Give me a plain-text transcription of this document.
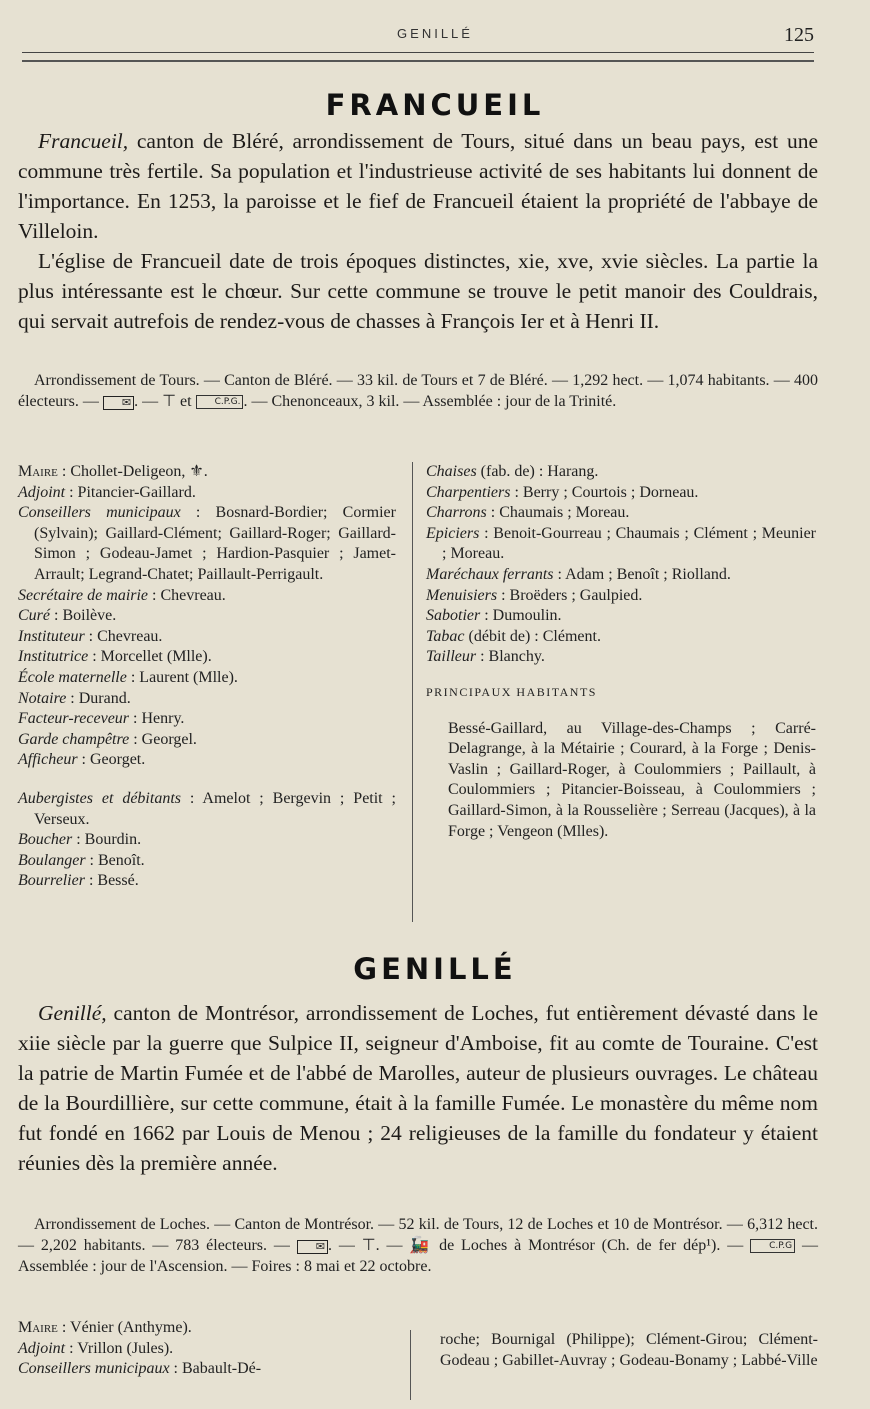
GENILLÉ	125
FRANCUEIL

Francueil, canton de Bléré, arrondissement de Tours, situé dans un beau pays, est une commune très fertile. Sa population et l'industrieuse activité de ses habitants lui donnent de l'importance. En 1253, la paroisse et le fief de Francueil étaient la propriété de l'abbaye de Villeloin.

L'église de Francueil date de trois époques distinctes, xie, xve, xvie siècles. La partie la plus intéressante est le chœur. Sur cette commune se trouve le petit manoir des Couldrais, qui servait autrefois de rendez-vous de chasses à François Ier et à Henri II.

Arrondissement de Tours. — Canton de Bléré. — 33 kil. de Tours et 7 de Bléré. — 1,292 hect. — 1,074 habitants. — 400 électeurs. — ✉ . — ⊤ et	C.P.G. . — Chenonceaux, 3 kil. — Assemblée : jour de la Trinité.

Maire : Chollet-Deligeon, ⚜.

Adjoint : Pitancier-Gaillard.

Conseillers municipaux : Bosnard-Bordier; Cormier (Sylvain); Gaillard-Clément; Gaillard-Roger; Gaillard-Simon ; Godeau-Jamet ; Hardion-Pasquier ; Jamet-Arrault; Legrand-Chatet; Paillault-Perrigault.

Secrétaire de mairie : Chevreau.

Curé : Boilève.

Instituteur : Chevreau.

Institutrice : Morcellet (Mlle).

École maternelle : Laurent (Mlle).

Notaire : Durand.

Facteur-receveur : Henry.

Garde champêtre : Georgel.

Afficheur : Georget.

Aubergistes et débitants : Amelot ; Bergevin ; Petit ; Verseux.

Boucher : Bourdin.

Boulanger : Benoît.

Bourrelier : Bessé.

Chaises (fab. de) : Harang.

Charpentiers : Berry ; Courtois ; Dorneau.

Charrons : Chaumais ; Moreau.

Epiciers : Benoit-Gourreau ; Chaumais ; Clément ; Meunier ; Moreau.

Maréchaux ferrants : Adam ; Benoît ; Riolland.

Menuisiers : Broëders ; Gaulpied.

Sabotier : Dumoulin.

Tabac (débit de) : Clément.

Tailleur : Blanchy.

PRINCIPAUX HABITANTS

Bessé-Gaillard, au Village-des-Champs ; Carré-Delagrange, à la Métairie ; Courard, à la Forge ; Denis-Vaslin ; Gaillard-Roger, à Coulommiers ; Paillault, à Coulommiers ; Pitancier-Boisseau, à Coulommiers ; Gaillard-Simon, à la Rousselière ; Serreau (Jacques), à la Forge ; Vengeon (Mlles).

GENILLÉ

Genillé, canton de Montrésor, arrondissement de Loches, fut entièrement dévasté dans le xiie siècle par la guerre que Sulpice II, seigneur d'Amboise, fit au comte de Touraine. C'est la patrie de Martin Fumée et de l'abbé de Marolles, auteur de plusieurs ouvrages. Le château de la Bourdillière, sur cette commune, était à la famille Fumée. Le monastère du même nom fut fondé en 1662 par Louis de Menou ; 24 religieuses de la famille du fondateur y étaient réunies dès la première année.

Arrondissement de Loches. — Canton de Montrésor. — 52 kil. de Tours, 12 de Loches et 10 de Montrésor. — 6,312 hect. — 2,202 habitants. — 783 électeurs. — ✉ . — ⊤. — 🚂 de Loches à Montrésor (Ch. de fer dép¹). —	C.P.G — Assemblée : jour de l'Ascension. — Foires : 8 mai et 22 octobre.

Maire : Vénier (Anthyme).

Adjoint : Vrillon (Jules).

Conseillers municipaux : Babault-Dé-

roche; Bournigal (Philippe); Clément-Girou; Clément-Godeau ; Gabillet-Auvray ; Godeau-Bonamy ; Labbé-Ville
